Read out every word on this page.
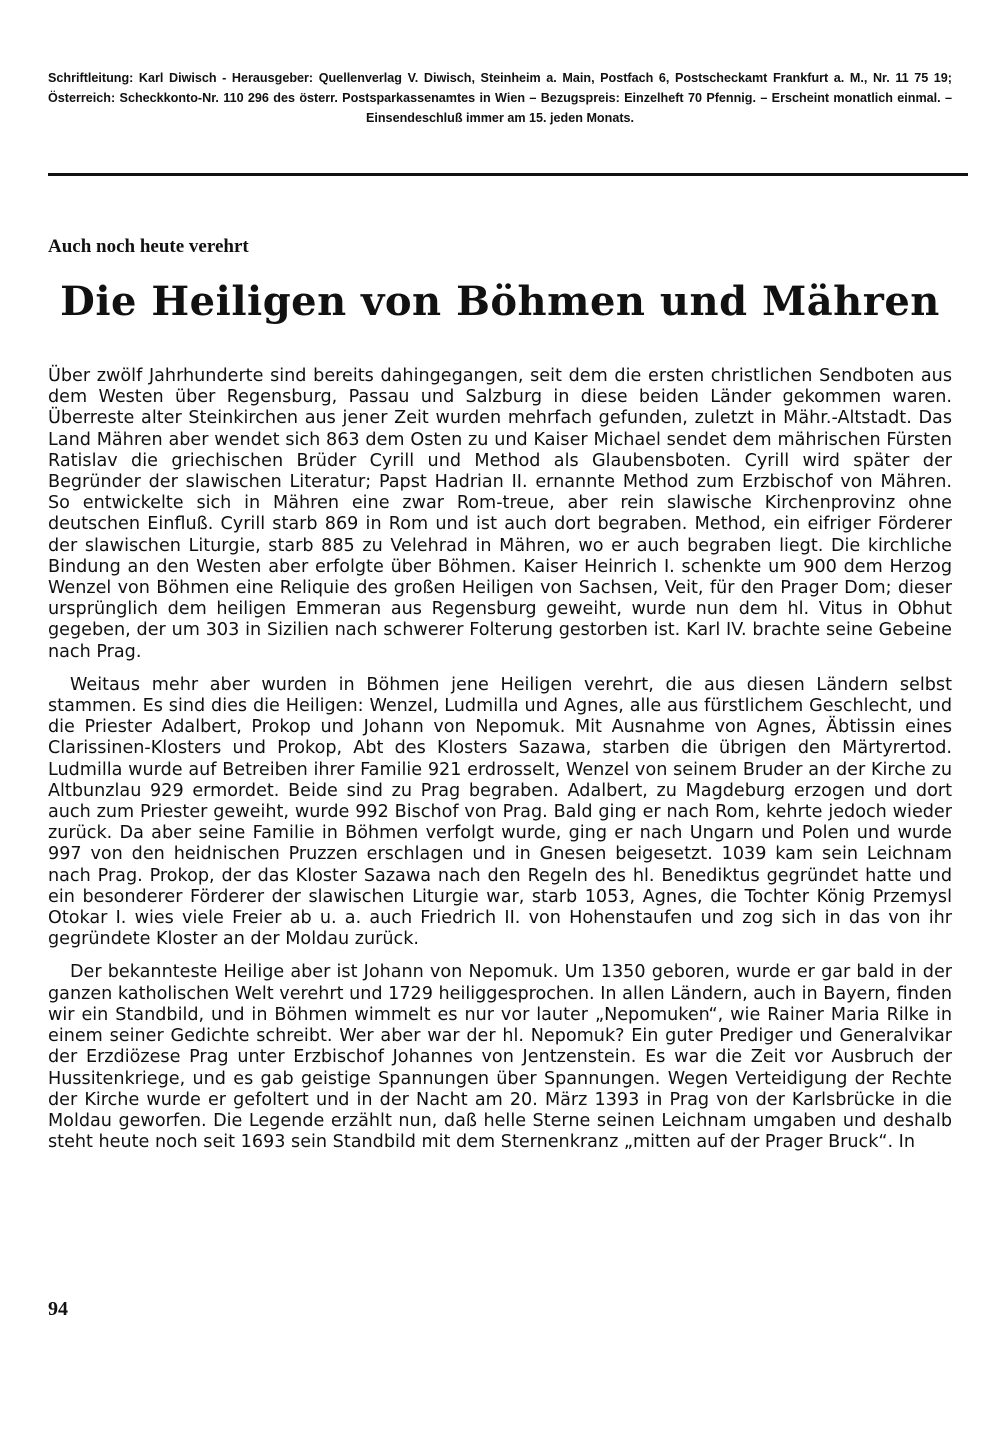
Schriftleitung: Karl Diwisch - Herausgeber: Quellenverlag V. Diwisch, Steinheim a. Main, Postfach 6, Postscheckamt Frankfurt a. M., Nr. 11 75 19; Österreich: Scheckkonto-Nr. 110 296 des österr. Postsparkassenamtes in Wien – Bezugspreis: Einzelheft 70 Pfennig. – Erscheint monatlich einmal. – Einsendeschluß immer am 15. jeden Monats.
Auch noch heute verehrt
Die Heiligen von Böhmen und Mähren

Über zwölf Jahrhunderte sind bereits dahingegangen, seit dem die ersten christlichen Sendboten aus dem Westen über Regensburg, Passau und Salzburg in diese beiden Länder gekommen waren. Überreste alter Steinkirchen aus jener Zeit wurden mehrfach gefunden, zuletzt in Mähr.-Altstadt. Das Land Mähren aber wendet sich 863 dem Osten zu und Kaiser Michael sendet dem mährischen Fürsten Ratislav die griechischen Brüder Cyrill und Method als Glaubensboten. Cyrill wird später der Begründer der slawischen Literatur; Papst Hadrian II. ernannte Method zum Erzbischof von Mähren. So entwickelte sich in Mähren eine zwar Rom-treue, aber rein slawische Kirchenprovinz ohne deutschen Einfluß. Cyrill starb 869 in Rom und ist auch dort begraben. Method, ein eifriger Förderer der slawischen Liturgie, starb 885 zu Velehrad in Mähren, wo er auch begraben liegt. Die kirchliche Bindung an den Westen aber erfolgte über Böhmen. Kaiser Heinrich I. schenkte um 900 dem Herzog Wenzel von Böhmen eine Reliquie des großen Heiligen von Sachsen, Veit, für den Prager Dom; dieser ursprünglich dem heiligen Emmeran aus Regensburg geweiht, wurde nun dem hl. Vitus in Obhut gegeben, der um 303 in Sizilien nach schwerer Folterung gestorben ist. Karl IV. brachte seine Gebeine nach Prag.

Weitaus mehr aber wurden in Böhmen jene Heiligen verehrt, die aus diesen Ländern selbst stammen. Es sind dies die Heiligen: Wenzel, Ludmilla und Agnes, alle aus fürstlichem Geschlecht, und die Priester Adalbert, Prokop und Johann von Nepomuk. Mit Ausnahme von Agnes, Äbtissin eines Clarissinen-Klosters und Prokop, Abt des Klosters Sazawa, starben die übrigen den Märtyrertod. Ludmilla wurde auf Betreiben ihrer Familie 921 erdrosselt, Wenzel von seinem Bruder an der Kirche zu Altbunzlau 929 ermordet. Beide sind zu Prag begraben. Adalbert, zu Magdeburg erzogen und dort auch zum Priester geweiht, wurde 992 Bischof von Prag. Bald ging er nach Rom, kehrte jedoch wieder zurück. Da aber seine Familie in Böhmen verfolgt wurde, ging er nach Ungarn und Polen und wurde 997 von den heidnischen Pruzzen erschlagen und in Gnesen beigesetzt. 1039 kam sein Leichnam nach Prag. Prokop, der das Kloster Sazawa nach den Regeln des hl. Benediktus gegründet hatte und ein besonderer Förderer der slawischen Liturgie war, starb 1053, Agnes, die Tochter König Przemysl Otokar I. wies viele Freier ab u. a. auch Friedrich II. von Hohenstaufen und zog sich in das von ihr gegründete Kloster an der Moldau zurück.

Der bekannteste Heilige aber ist Johann von Nepomuk. Um 1350 geboren, wurde er gar bald in der ganzen katholischen Welt verehrt und 1729 heiliggesprochen. In allen Ländern, auch in Bayern, finden wir ein Standbild, und in Böhmen wimmelt es nur vor lauter „Nepomuken“, wie Rainer Maria Rilke in einem seiner Gedichte schreibt. Wer aber war der hl. Nepomuk? Ein guter Prediger und Generalvikar der Erzdiözese Prag unter Erzbischof Johannes von Jentzenstein. Es war die Zeit vor Ausbruch der Hussitenkriege, und es gab geistige Spannungen über Spannungen. Wegen Verteidigung der Rechte der Kirche wurde er gefoltert und in der Nacht am 20. März 1393 in Prag von der Karlsbrücke in die Moldau geworfen. Die Legende erzählt nun, daß helle Sterne seinen Leichnam umgaben und deshalb steht heute noch seit 1693 sein Standbild mit dem Sternenkranz „mitten auf der Prager Bruck“. In

94
